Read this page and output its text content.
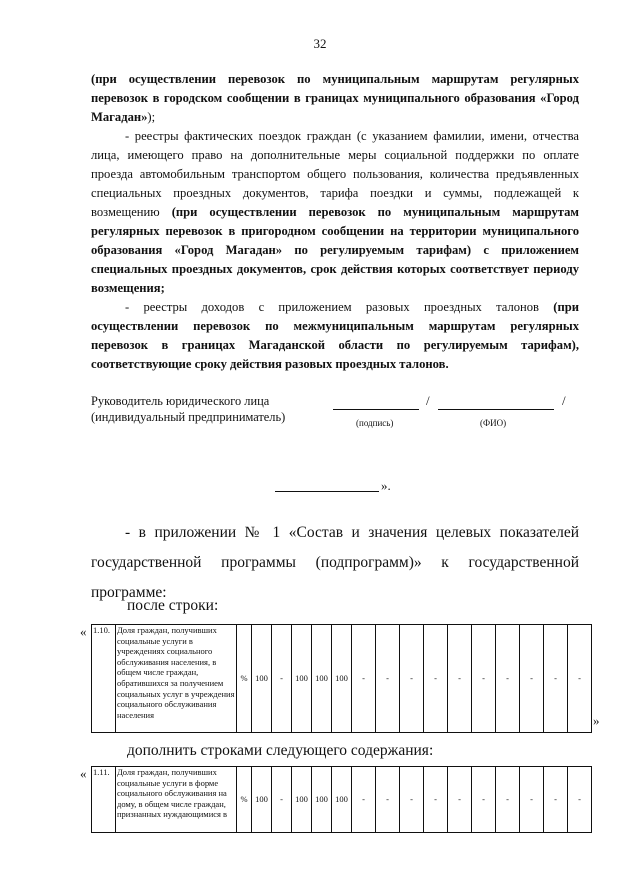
32

(при осуществлении перевозок по муниципальным маршрутам регулярных перевозок в городском сообщении в границах муниципального образования «Город Магадан»);

- реестры фактических поездок граждан (с указанием фамилии, имени, отчества лица, имеющего право на дополнительные меры социальной поддержки по оплате проезда автомобильным транспортом общего пользования, количества предъявленных специальных проездных документов, тарифа поездки и суммы, подлежащей к возмещению (при осуществлении перевозок по муниципальным маршрутам регулярных перевозок в пригородном сообщении на территории муниципального образования «Город Магадан» по регулируемым тарифам) с приложением специальных проездных документов, срок действия которых соответствует периоду возмещения;

- реестры доходов с приложением разовых проездных талонов (при осуществлении перевозок по межмуниципальным маршрутам регулярных перевозок в границах Магаданской области по регулируемым тарифам), соответствующие сроку действия разовых проездных талонов.

Руководитель юридического лица
(индивидуальный предприниматель)
/	/
(подпись)	(ФИО)
».

- в приложении № 1 «Состав и значения целевых показателей государственной программы (подпрограмм)» к государственной программе:

после строки:
« 1.10.	Доля граждан, получивших социальные услуги в учреждениях социального обслуживания населения, в общем числе граждан, обратившихся за получением социальных услуг в учреждения социального обслуживания населения	%	100	-	100	100	100	-	-	-	-	-	-	-	-	-	-
»
дополнить строками следующего содержания:
« 1.11.	Доля граждан, получивших социальные услуги в форме социального обслуживания на дому, в общем числе граждан, признанных нуждающимися в	%	100	-	100	100	100	-	-	-	-	-	-	-	-	-	-
